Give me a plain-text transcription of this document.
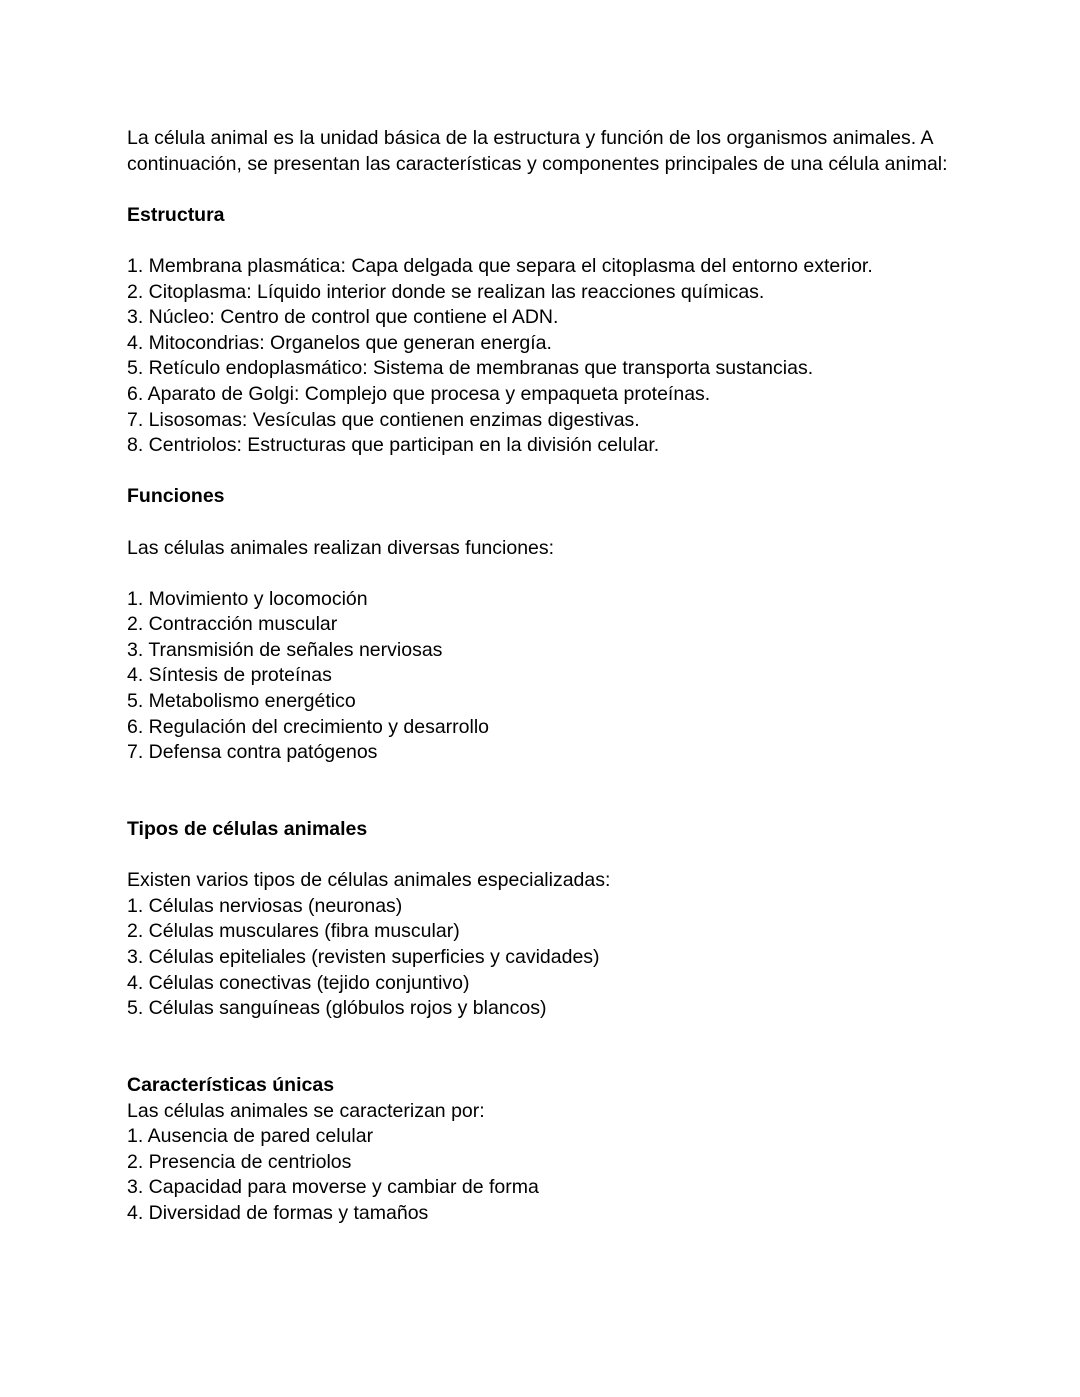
La célula animal es la unidad básica de la estructura y función de los organismos animales. A continuación, se presentan las características y componentes principales de una célula animal:

Estructura
1. Membrana plasmática: Capa delgada que separa el citoplasma del entorno exterior.
2. Citoplasma: Líquido interior donde se realizan las reacciones químicas.
3. Núcleo: Centro de control que contiene el ADN.
4. Mitocondrias: Organelos que generan energía.
5. Retículo endoplasmático: Sistema de membranas que transporta sustancias.
6. Aparato de Golgi: Complejo que procesa y empaqueta proteínas.
7. Lisosomas: Vesículas que contienen enzimas digestivas.
8. Centriolos: Estructuras que participan en la división celular.
Funciones

Las células animales realizan diversas funciones:

1. Movimiento y locomoción
2. Contracción muscular
3. Transmisión de señales nerviosas
4. Síntesis de proteínas
5. Metabolismo energético
6. Regulación del crecimiento y desarrollo
7. Defensa contra patógenos
Tipos de células animales

Existen varios tipos de células animales especializadas:

1. Células nerviosas (neuronas)
2. Células musculares (fibra muscular)
3. Células epiteliales (revisten superficies y cavidades)
4. Células conectivas (tejido conjuntivo)
5. Células sanguíneas (glóbulos rojos y blancos)
Características únicas

Las células animales se caracterizan por:

1. Ausencia de pared celular
2. Presencia de centriolos
3. Capacidad para moverse y cambiar de forma
4. Diversidad de formas y tamaños
